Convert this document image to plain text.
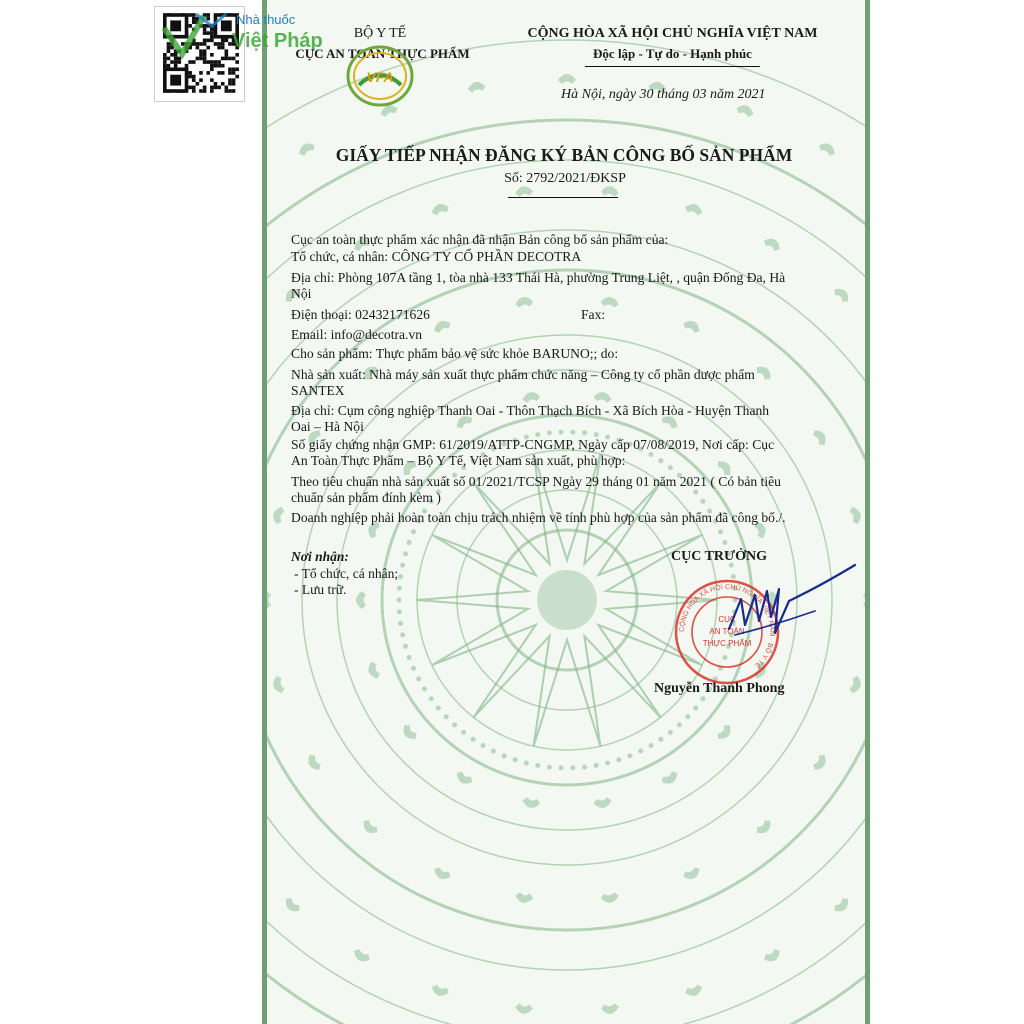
Nhà thuốc
Việt Pháp	BỘ Y TẾ
CỤC AN TOÀN THỰC PHẨM
VFA
CỘNG HÒA XÃ HỘI CHỦ NGHĨA VIỆT NAM
Độc lập - Tự do - Hạnh phúc
Hà Nội, ngày 30 tháng 03 năm 2021
GIẤY TIẾP NHẬN ĐĂNG KÝ BẢN CÔNG BỐ SẢN PHẨM
Số: 2792/2021/ĐKSP
Cục an toàn thực phẩm xác nhận đã nhận Bản công bố sản phẩm của:
Tổ chức, cá nhân: CÔNG TY CỔ PHẦN DECOTRA
Địa chỉ: Phòng 107A tầng 1, tòa nhà 133 Thái Hà, phường Trung Liệt, , quận Đống Đa, Hà
Nội
Điện thoại: 02432171626	Fax:
Email: info@decotra.vn
Cho sản phẩm: Thực phẩm bảo vệ sức khỏe BARUNO;; do:
Nhà sản xuất: Nhà máy sản xuất thực phẩm chức năng – Công ty cổ phần dược phẩm
SANTEX
Địa chỉ: Cụm công nghiệp Thanh Oai - Thôn Thạch Bích - Xã Bích Hòa - Huyện Thanh
Oai – Hà Nội
Số giấy chứng nhận GMP: 61/2019/ATTP-CNGMP, Ngày cấp 07/08/2019, Nơi cấp: Cục
An Toàn Thực Phẩm – Bộ Y Tế, Việt Nam sản xuất, phù hợp:
Theo tiêu chuẩn nhà sản xuất số 01/2021/TCSP Ngày 29 tháng 01 năm 2021 ( Có bản tiêu
chuẩn sản phẩm đính kèm )
Doanh nghiệp phải hoàn toàn chịu trách nhiệm về tính phù hợp của sản phẩm đã công bố./.
Nơi nhận:
- Tổ chức, cá nhân;
- Lưu trữ.
CỤC TRƯỞNG
CỘNG HÒA XÃ HỘI CHỦ NGHĨA VIỆT NAM · BỘ Y TẾ
CỤC
AN TOÀN
THỰC PHẨM
Nguyễn Thanh Phong
